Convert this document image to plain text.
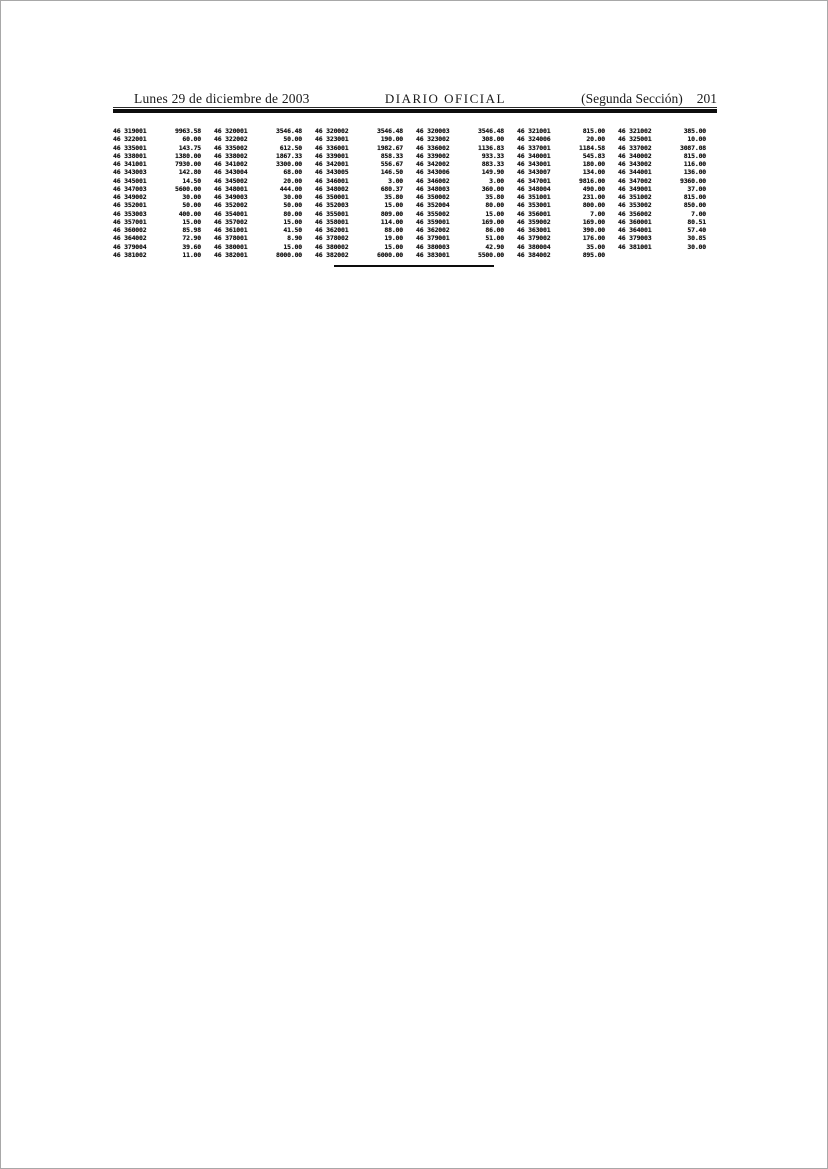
Lunes 29 de diciembre de 2003	DIARIO OFICIAL	(Segunda Sección) 201
46 319001	9963.58 46 320001	3546.48 46 320002	3546.48 46 320003	3546.48 46 321001	815.00 46 321002	385.00
46 322001	60.00 46 322002	50.00 46 323001	190.00 46 323002	308.00 46 324006	20.00 46 325001	10.00
46 335001	143.75 46 335002	612.50 46 336001	1982.67 46 336002	1136.83 46 337001	1184.58 46 337002	3087.08
46 338001	1380.00 46 338002	1867.33 46 339001	858.33 46 339002	933.33 46 340001	545.83 46 340002	815.00
46 341001	7930.00 46 341002	3300.00 46 342001	556.67 46 342002	883.33 46 343001	180.00 46 343002	116.00
46 343003	142.80 46 343004	68.00 46 343005	146.50 46 343006	149.90 46 343007	134.00 46 344001	136.00
46 345001	14.50 46 345002	20.00 46 346001	3.00 46 346002	3.00 46 347001	9816.00 46 347002	9360.00
46 347003	5600.00 46 348001	444.00 46 348002	680.37 46 348003	360.00 46 348004	490.00 46 349001	37.00
46 349002	30.00 46 349003	30.00 46 350001	35.80 46 350002	35.80 46 351001	231.00 46 351002	815.00
46 352001	50.00 46 352002	50.00 46 352003	15.00 46 352004	80.00 46 353001	800.00 46 353002	850.00
46 353003	400.00 46 354001	80.00 46 355001	809.00 46 355002	15.00 46 356001	7.00 46 356002	7.00
46 357001	15.00 46 357002	15.00 46 358001	114.00 46 359001	169.00 46 359002	169.00 46 360001	80.51
46 360002	85.98 46 361001	41.50 46 362001	88.00 46 362002	86.00 46 363001	390.00 46 364001	57.40
46 364002	72.90 46 378001	8.90 46 378002	19.00 46 379001	51.00 46 379002	176.00 46 379003	30.85
46 379004	39.60 46 380001	15.00 46 380002	15.00 46 380003	42.90 46 380004	35.00 46 381001	30.00
46 381002	11.00 46 382001	8000.00 46 382002	6000.00 46 383001	5500.00 46 384002	895.00
